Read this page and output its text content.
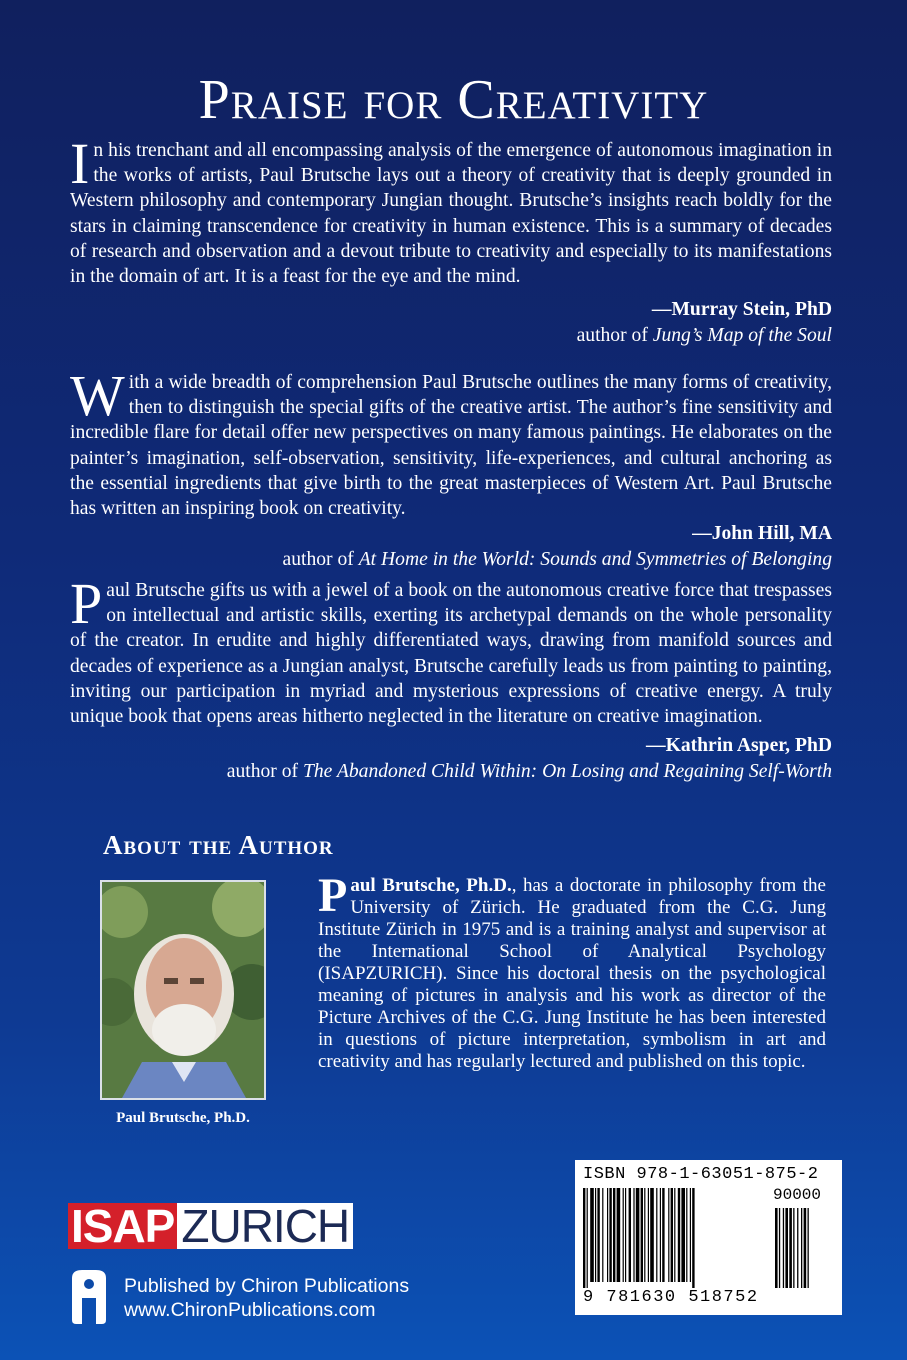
Praise for Creativity
In his trenchant and all encompassing analysis of the emergence of autonomous imagination in the works of artists, Paul Brutsche lays out a theory of creativity that is deeply grounded in Western philosophy and contemporary Jungian thought. Brutsche’s insights reach boldly for the stars in claiming transcendence for creativity in human existence. This is a summary of decades of research and observation and a devout tribute to creativity and especially to its manifestations in the domain of art. It is a feast for the eye and the mind.
—Murray Stein, PhD
author of Jung’s Map of the Soul
With a wide breadth of comprehension Paul Brutsche outlines the many forms of creativity, then to distinguish the special gifts of the creative artist. The author’s fine sensitivity and incredible flare for detail offer new perspectives on many famous paintings. He elaborates on the painter’s imagination, self-observation, sensitivity, life-experiences, and cultural anchoring as the essential ingredients that give birth to the great masterpieces of Western Art. Paul Brutsche has written an inspiring book on creativity.
—John Hill, MA
author of At Home in the World: Sounds and Symmetries of Belonging
Paul Brutsche gifts us with a jewel of a book on the autonomous creative force that trespasses on intellectual and artistic skills, exerting its archetypal demands on the whole personality of the creator. In erudite and highly differentiated ways, drawing from manifold sources and decades of experience as a Jungian analyst, Brutsche carefully leads us from painting to painting, inviting our participation in myriad and mysterious expressions of creative energy. A truly unique book that opens areas hitherto neglected in the literature on creative imagination.
—Kathrin Asper, PhD
author of The Abandoned Child Within: On Losing and Regaining Self-Worth
About the Author
Paul Brutsche, Ph.D.
Paul Brutsche, Ph.D., has a doctorate in philosophy from the University of Zürich. He graduated from the C.G. Jung Institute Zürich in 1975 and is a training analyst and supervisor at the International School of Analytical Psychology (ISAPZURICH). Since his doctoral thesis on the psychological meaning of pictures in analysis and his work as director of the Picture Archives of the C.G. Jung Institute he has been interested in questions of picture interpretation, symbolism in art and creativity and has regularly lectured and published on this topic.
ISBN 978-1-63051-875-2
90000
9 781630 518752
ISAP ZURICH
Published by Chiron Publications
www.ChironPublications.com
